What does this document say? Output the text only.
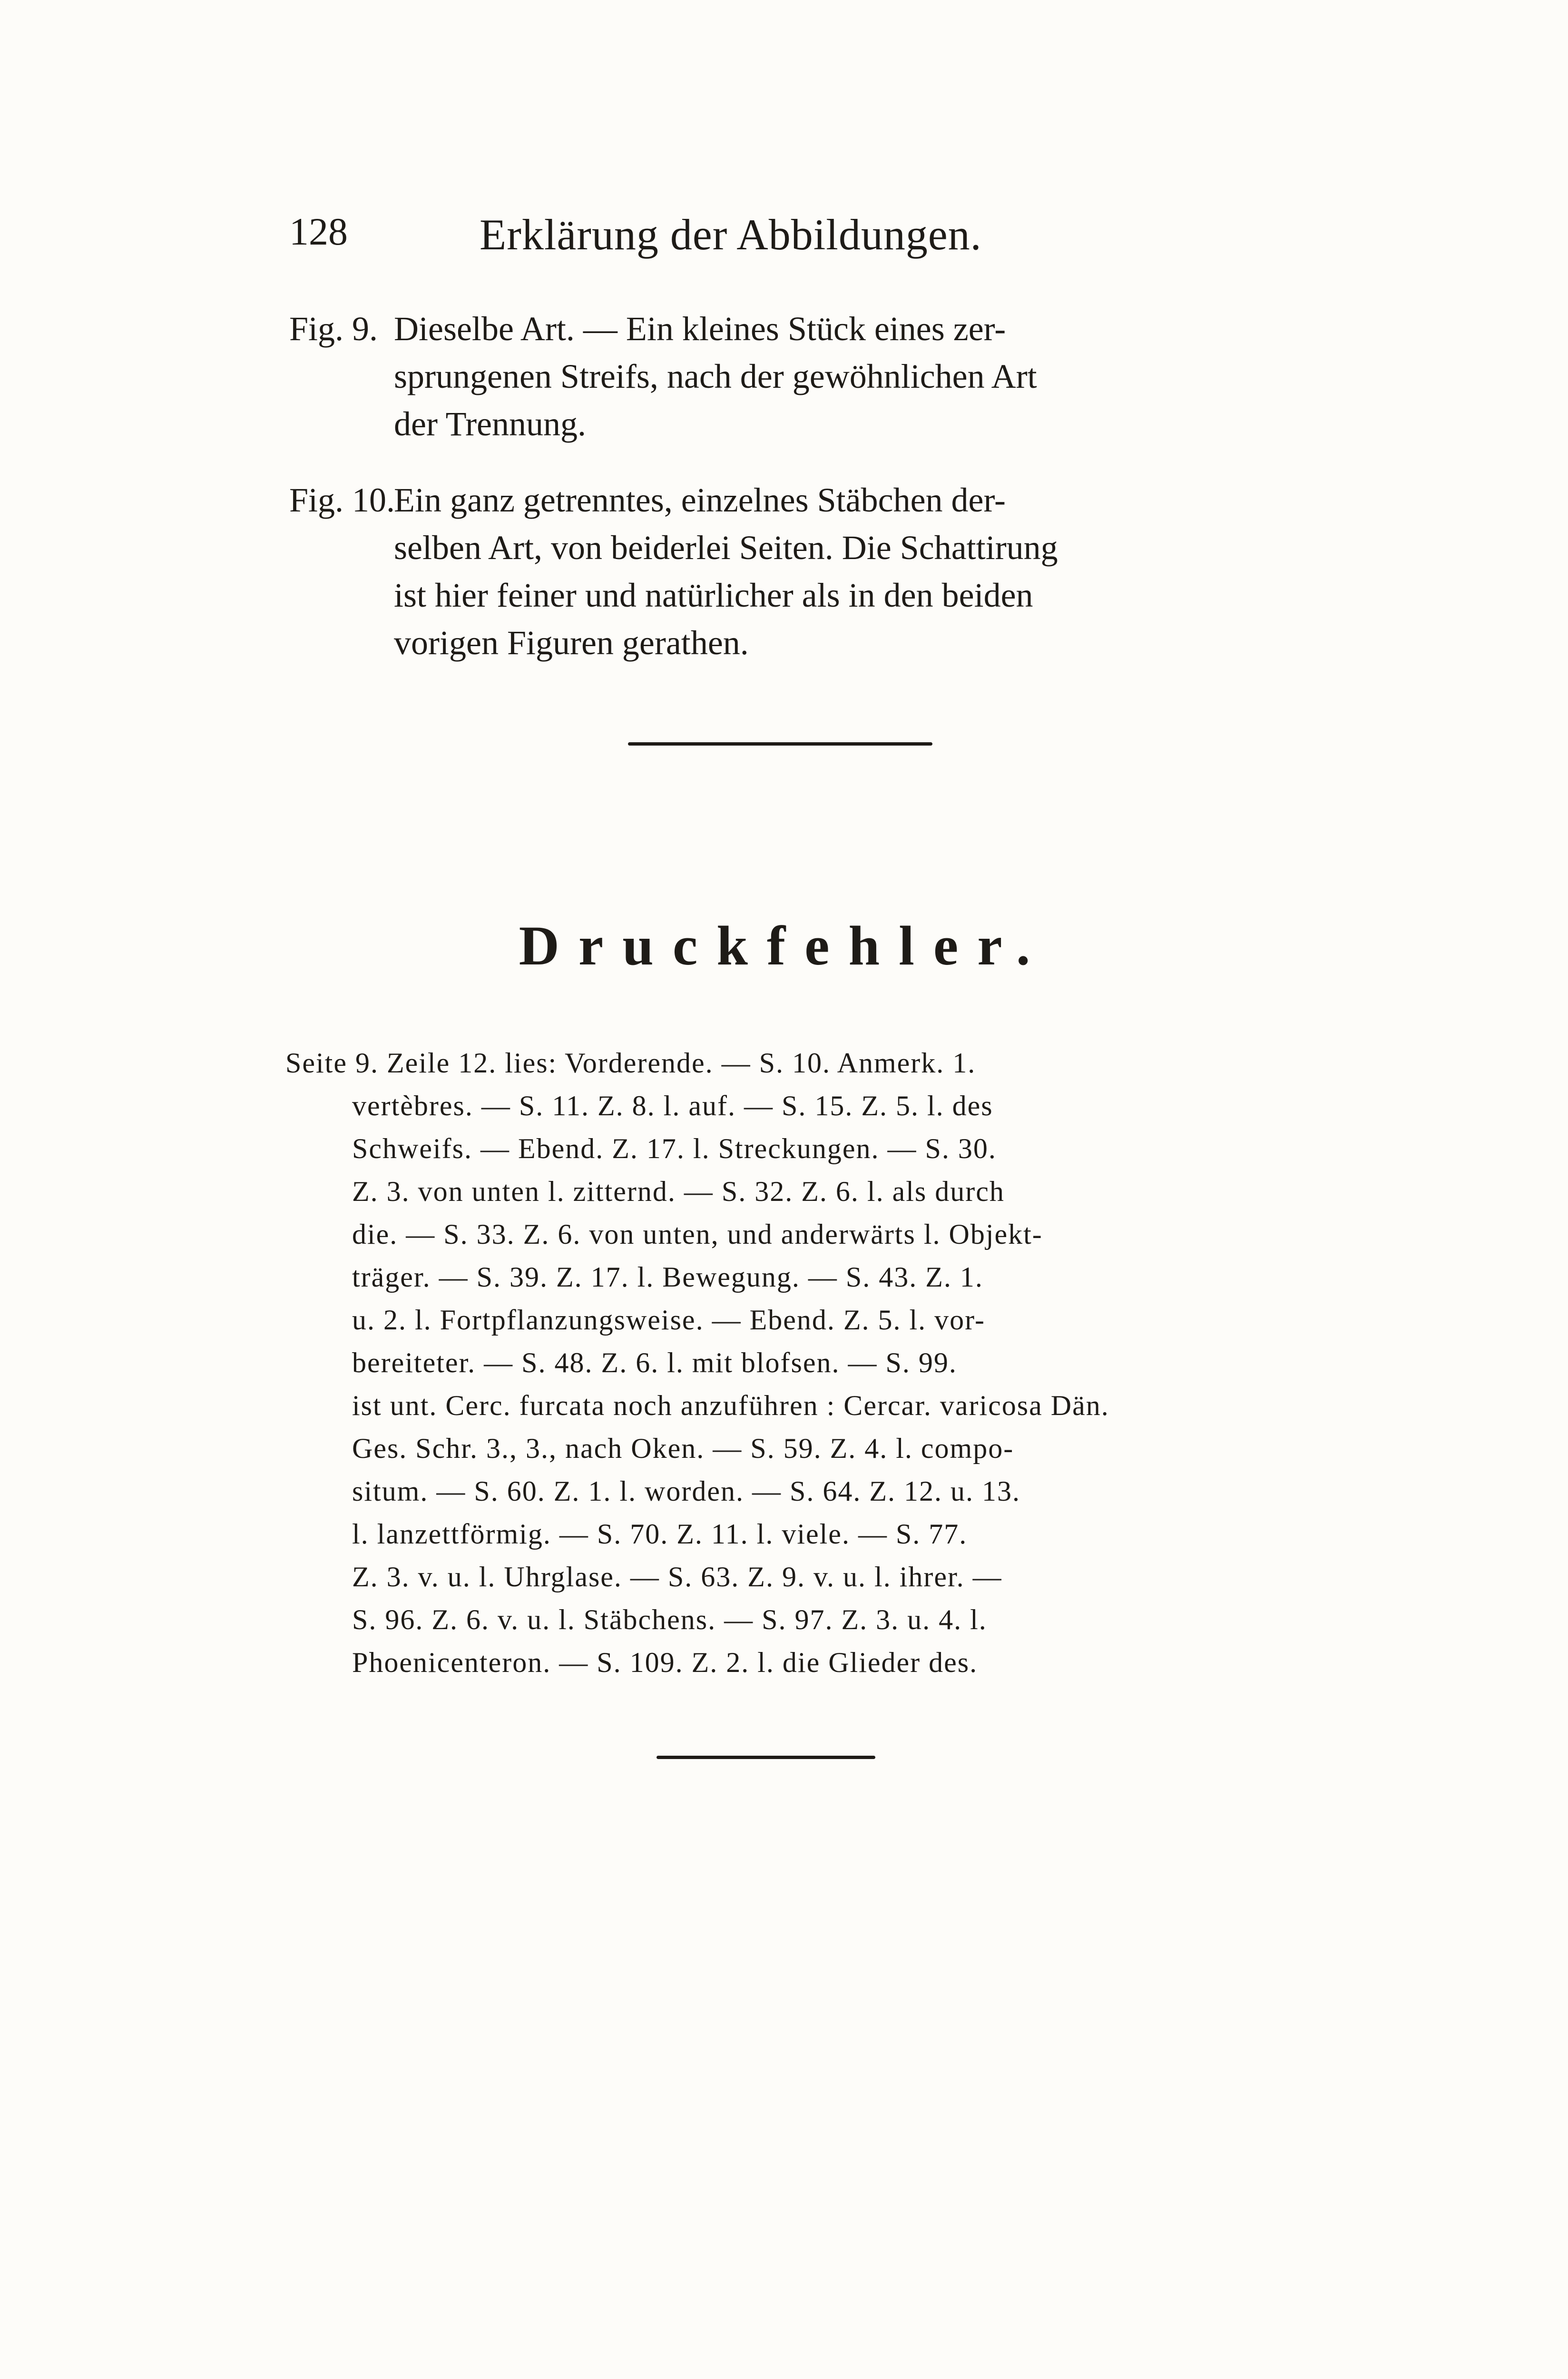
128	Erklärung der Abbildungen.
Fig. 9. Dieselbe Art. — Ein kleines Stück eines zer-
sprungenen Streifs, nach der gewöhnlichen Art
der Trennung.
Fig. 10.
Ein ganz getrenntes, einzelnes Stäbchen der-
selben Art, von beiderlei Seiten. Die Schattirung
ist hier feiner und natürlicher als in den beiden
vorigen Figuren gerathen.
Druckfehler.
Seite 9. Zeile 12. lies: Vorderende. — S. 10. Anmerk. 1.
vertèbres. — S. 11. Z. 8. l. auf. — S. 15. Z. 5. l. des
Schweifs. — Ebend. Z. 17. l. Streckungen. — S. 30.
Z. 3. von unten l. zitternd. — S. 32. Z. 6. l. als durch
die. — S. 33. Z. 6. von unten, und anderwärts l. Objekt-
träger. — S. 39. Z. 17. l. Bewegung. — S. 43. Z. 1.
u. 2. l. Fortpflanzungsweise. — Ebend. Z. 5. l. vor-
bereiteter. — S. 48. Z. 6. l. mit blofsen. — S. 99.
ist unt. Cerc. furcata noch anzuführen : Cercar. varicosa Dän.
Ges. Schr. 3., 3., nach Oken. — S. 59. Z. 4. l. compo-
situm. — S. 60. Z. 1. l. worden. — S. 64. Z. 12. u. 13.
l. lanzettförmig. — S. 70. Z. 11. l. viele. — S. 77.
Z. 3. v. u. l. Uhrglase. — S. 63. Z. 9. v. u. l. ihrer. —
S. 96. Z. 6. v. u. l. Stäbchens. — S. 97. Z. 3. u. 4. l.
Phoenicenteron. — S. 109. Z. 2. l. die Glieder des.
